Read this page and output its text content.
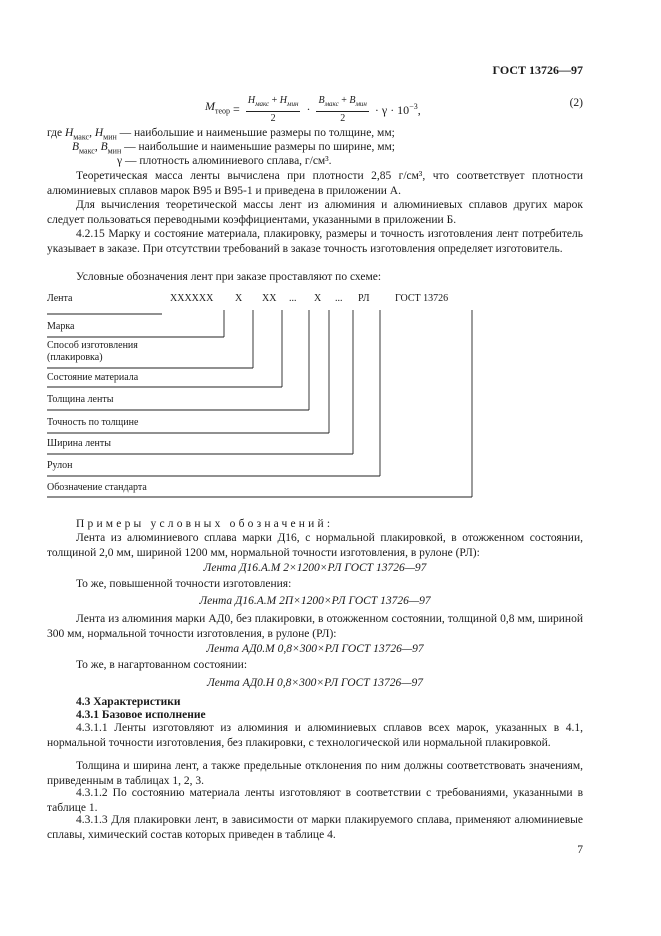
ГОСТ 13726—97
$M_{теор} = \frac{H_{макс} + H_{мин}}{2} \cdot \frac{B_{макс} + B_{мин}}{2} \cdot \gamma \cdot 10^{-3}$,
(2)
где $H_{макс}$, $H_{мин}$ — наибольшие и наименьшие размеры по толщине, мм;
$B_{макс}$, $B_{мин}$ — наибольшие и наименьшие размеры по ширине, мм;
γ — плотность алюминиевого сплава, г/см³.
Теоретическая масса ленты вычислена при плотности 2,85 г/см³, что соответствует плотности алюминиевых сплавов марок В95 и В95-1 и приведена в приложении А.
Для вычисления теоретической массы лент из алюминия и алюминиевых сплавов других марок следует пользоваться переводными коэффициентами, указанными в приложении Б.
4.2.15 Марку и состояние материала, плакировку, размеры и точность изготовления лент потребитель указывает в заказе. При отсутствии требований в заказе точность изготовления определяет изготовитель.
Условные обозначения лент при заказе проставляют по схеме:
Лента	XXXXXX X XX ... X ... РЛ	ГОСТ 13726
Марка
Способ изготовления
(плакировка)
Состояние материала
Толщина ленты
Точность по толщине
Ширина ленты
Рулон
Обозначение стандарта
Примеры условных обозначений:
Лента из алюминиевого сплава марки Д16, с нормальной плакировкой, в отожженном состоянии, толщиной 2,0 мм, шириной 1200 мм, нормальной точности изготовления, в рулоне (РЛ):
Лента Д16.А.М 2×1200×РЛ ГОСТ 13726—97
То же, повышенной точности изготовления:
Лента Д16.А.М 2П×1200×РЛ ГОСТ 13726—97
Лента из алюминия марки АД0, без плакировки, в отожженном состоянии, толщиной 0,8 мм, шириной 300 мм, нормальной точности изготовления, в рулоне (РЛ):
Лента АД0.М 0,8×300×РЛ ГОСТ 13726—97
То же, в нагартованном состоянии:
Лента АД0.Н 0,8×300×РЛ ГОСТ 13726—97
4.3 Характеристики
4.3.1 Базовое исполнение
4.3.1.1 Ленты изготовляют из алюминия и алюминиевых сплавов всех марок, указанных в 4.1, нормальной точности изготовления, без плакировки, с технологической или нормальной плакировкой.
Толщина и ширина лент, а также предельные отклонения по ним должны соответствовать значениям, приведенным в таблицах 1, 2, 3.
4.3.1.2 По состоянию материала ленты изготовляют в соответствии с требованиями, указанными в таблице 1.
4.3.1.3 Для плакировки лент, в зависимости от марки плакируемого сплава, применяют алюминиевые сплавы, химический состав которых приведен в таблице 4.
7
